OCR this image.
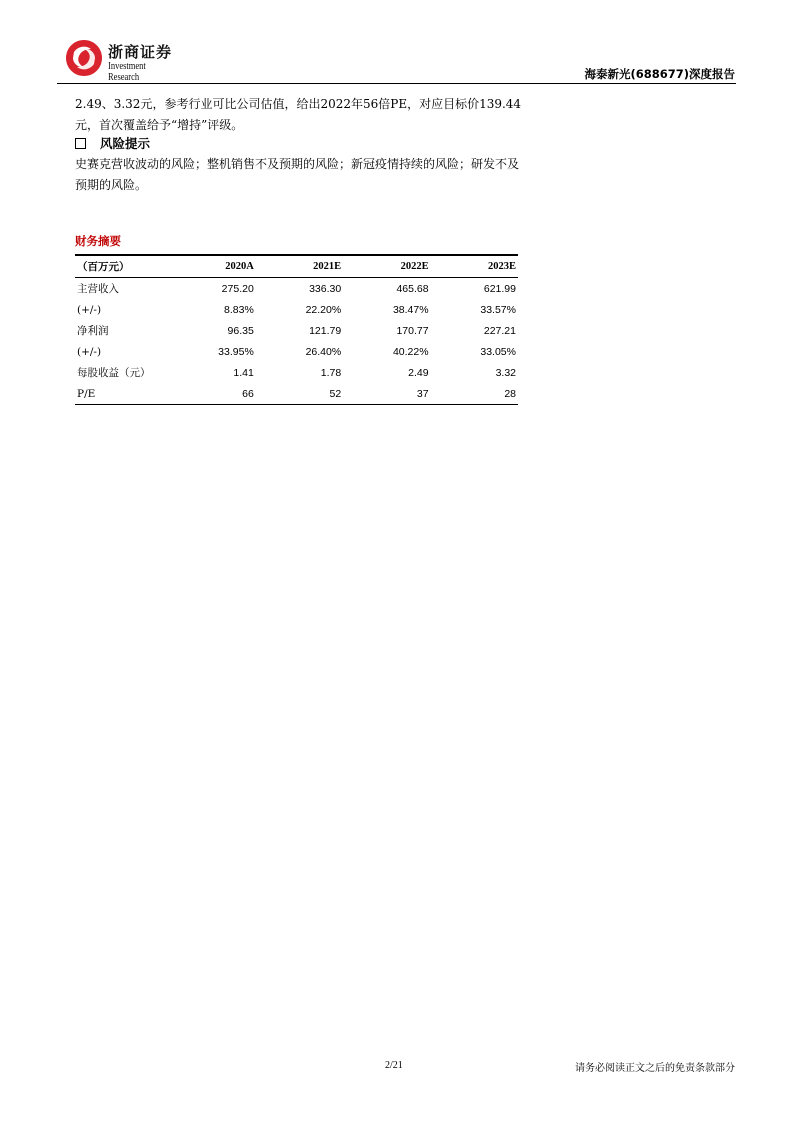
浙商证券
Investment Research	海泰新光(688677)深度报告
2.49、3.32元，参考行业可比公司估值，给出2022年56倍PE，对应目标价139.44元，首次覆盖给予“增持”评级。
风险提示
史赛克营收波动的风险；整机销售不及预期的风险；新冠疫情持续的风险；研发不及预期的风险。
财务摘要
（百万元）	2020A	2021E	2022E	2023E
主营收入	275.20	336.30	465.68	621.99
(+/-)	8.83%	22.20%	38.47%	33.57%
净利润	96.35	121.79	170.77	227.21
(+/-)	33.95%	26.40%	40.22%	33.05%
每股收益（元）	1.41	1.78	2.49	3.32
P/E	66	52	37	28
2/21	请务必阅读正文之后的免责条款部分
